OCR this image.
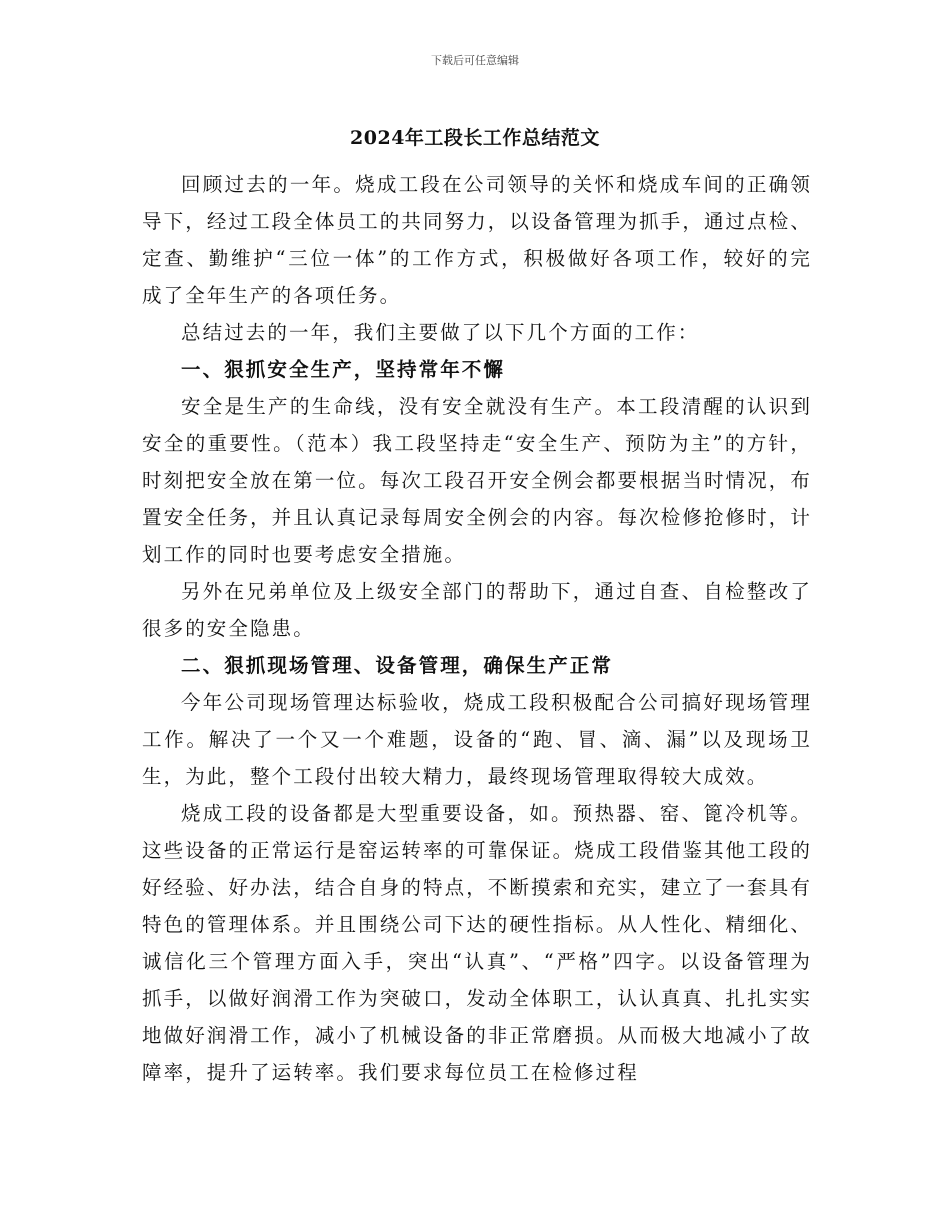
下载后可任意编辑
2024年工段长工作总结范文

回顾过去的一年。烧成工段在公司领导的关怀和烧成车间的正确领导下，经过工段全体员工的共同努力，以设备管理为抓手，通过点检、定查、勤维护“三位一体”的工作方式，积极做好各项工作，较好的完成了全年生产的各项任务。

总结过去的一年，我们主要做了以下几个方面的工作：

一、狠抓安全生产，坚持常年不懈

安全是生产的生命线，没有安全就没有生产。本工段清醒的认识到安全的重要性。（范本）我工段坚持走“安全生产、预防为主”的方针，时刻把安全放在第一位。每次工段召开安全例会都要根据当时情况，布置安全任务，并且认真记录每周安全例会的内容。每次检修抢修时，计划工作的同时也要考虑安全措施。

另外在兄弟单位及上级安全部门的帮助下，通过自查、自检整改了很多的安全隐患。

二、狠抓现场管理、设备管理，确保生产正常

今年公司现场管理达标验收，烧成工段积极配合公司搞好现场管理工作。解决了一个又一个难题，设备的“跑、冒、滴、漏”以及现场卫生，为此，整个工段付出较大精力，最终现场管理取得较大成效。

烧成工段的设备都是大型重要设备，如。预热器、窑、篦冷机等。这些设备的正常运行是窑运转率的可靠保证。烧成工段借鉴其他工段的好经验、好办法，结合自身的特点，不断摸索和充实，建立了一套具有特色的管理体系。并且围绕公司下达的硬性指标。从人性化、精细化、诚信化三个管理方面入手，突出“认真”、“严格”四字。以设备管理为抓手，以做好润滑工作为突破口，发动全体职工，认认真真、扎扎实实地做好润滑工作，减小了机械设备的非正常磨损。从而极大地减小了故障率，提升了运转率。我们要求每位员工在检修过程
